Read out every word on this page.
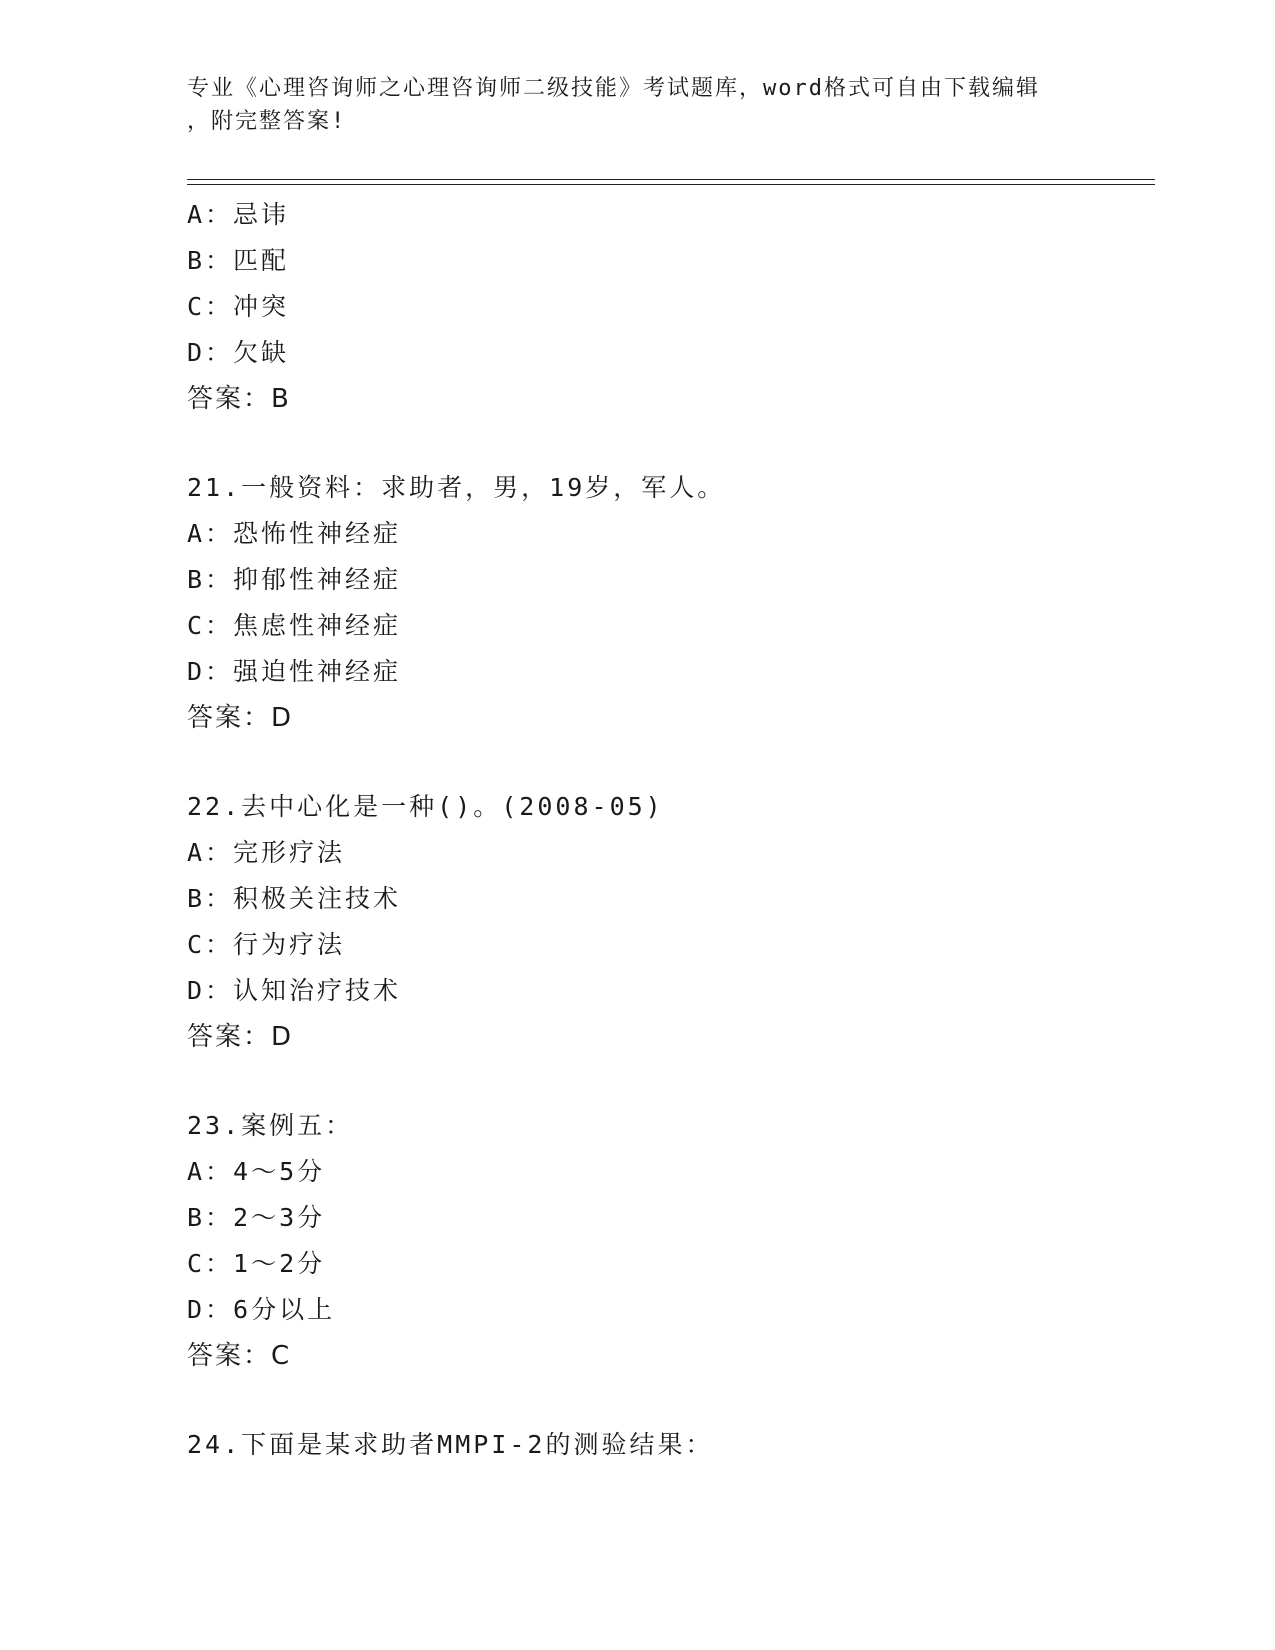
专业《心理咨询师之心理咨询师二级技能》考试题库，word格式可自由下载编辑
，附完整答案!
A：忌讳
B：匹配
C：冲突
D：欠缺
答案：B
21.一般资料：求助者，男，19岁，军人。
A：恐怖性神经症
B：抑郁性神经症
C：焦虑性神经症
D：强迫性神经症
答案：D
22.去中心化是一种()。(2008-05)
A：完形疗法
B：积极关注技术
C：行为疗法
D：认知治疗技术
答案：D
23.案例五：
A：4～5分
B：2～3分
C：1～2分
D：6分以上
答案：C
24.下面是某求助者MMPI-2的测验结果：
